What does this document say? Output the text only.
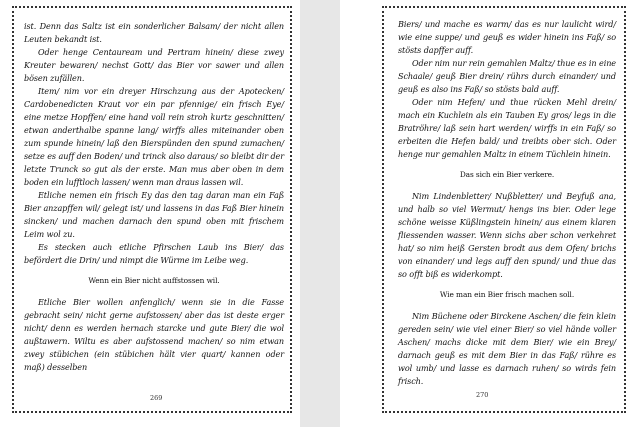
ist. Denn das Saltz ist ein sonderlicher Balsam/ der nicht allen Leuten bekandt ist.

Oder henge Centauream und Pertram hinein/ diese zwey Kreuter bewaren/ nechst Gott/ das Bier vor sawer und allen bösen zufällen.

Item/ nim vor ein dreyer Hirschzung aus der Apotecken/ Cardobenedicten Kraut vor ein par pfennige/ ein frisch Eye/ eine metze Hopffen/ eine hand voll rein stroh kurtz geschnitten/ etwan anderthalbe spanne lang/ wirffs alles miteinander oben zum spunde hinein/ laß den Bierspünden den spund zumachen/ setze es auff den Boden/ und trinck also daraus/ so bleibt dir der letzte Trunck so gut als der erste. Man mus aber oben in dem boden ein lufftloch lassen/ wenn man draus lassen wil.

Etliche nemen ein frisch Ey das den tag daran man ein Faß Bier anzapffen wil/ gelegt ist/ und lassens in das Faß Bier hinein sincken/ und machen darnach den spund oben mit frischem Leim wol zu.

Es stecken auch etliche Pfirschen Laub ins Bier/ das befördert die Drin/ und nimpt die Würme im Leibe weg.

Wenn ein Bier nicht auffstossen wil.

Etliche Bier wollen anfenglich/ wenn sie in die Fasse gebracht sein/ nicht gerne aufstossen/ aber das ist deste erger nicht/ denn es werden hernach starcke und gute Bier/ die wol außtawern. Wiltu es aber aufstossend machen/ so nim etwan zwey stübichen (ein stübichen hält vier quart/ kannen oder maß) desselben

269

Biers/ und mache es warm/ das es nur laulicht wird/ wie eine suppe/ und geuß es wider hinein ins Faß/ so stösts dapffer auff.

Oder nim nur rein gemahlen Maltz/ thue es in eine Schaale/ geuß Bier drein/ rührs durch einander/ und geuß es also ins Faß/ so stösts bald auff.

Oder nim Hefen/ und thue rücken Mehl drein/ mach ein Kuchlein als ein Tauben Ey gros/ legs in die Bratröhre/ laß sein hart werden/ wirffs in ein Faß/ so erbeiten die Hefen bald/ und treibts ober sich. Oder henge nur gemahlen Maltz in einem Tüchlein hinein.

Das sich ein Bier verkere.

Nim Lindenbletter/ Nußbletter/ und Beyfuß ana, und halb so viel Wermut/ hengs ins bier. Oder lege schöne weisse Küßlingstein hinein/ aus einem klaren fliessenden wasser. Wenn sichs aber schon verkehret hat/ so nim heiß Gersten brodt aus dem Ofen/ brichs von einander/ und legs auff den spund/ und thue das so offt biß es widerkompt.

Wie man ein Bier frisch machen soll.

Nim Büchene oder Birckene Aschen/ die fein klein gereden sein/ wie viel einer Bier/ so viel hände voller Aschen/ machs dicke mit dem Bier/ wie ein Brey/ darnach geuß es mit dem Bier in das Faß/ rühre es wol umb/ und lasse es darnach ruhen/ so wirds fein frisch.

270
